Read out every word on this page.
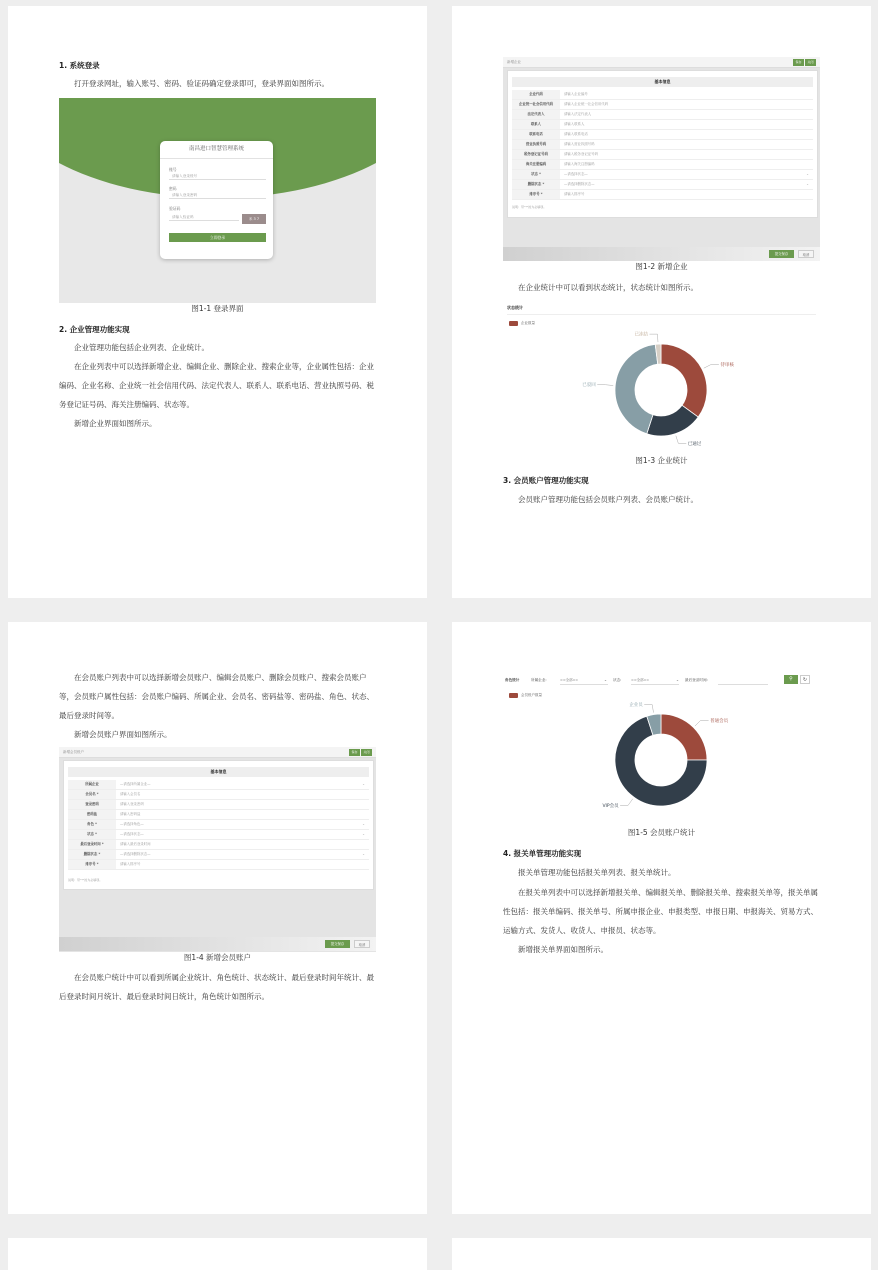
1. 系统登录

打开登录网址，输入账号、密码、验证码确定登录即可，登录界面如图所示。

南昌进口智慧管理系统
账号
请输入登录账号
密码
请输入登录密码
验证码
请输入验证码	米 3 7
立即登录
图1-1 登录界面
2. 企业管理功能实现

企业管理功能包括企业列表、企业统计。

在企业列表中可以选择新增企业、编辑企业、删除企业、搜索企业等，企业属性包括：企业编码、企业名称、企业统一社会信用代码、法定代表人、联系人、联系电话、营业执照号码、税务登记证号码、海关注册编码、状态等。

新增企业界面如图所示。

新增企业	保存	关闭
基本信息
企业代码	请输入企业编号
企业统一社会信用代码	请输入企业统一社会信用代码
法定代表人	请输入法定代表人
联系人	请输入联系人
联系电话	请输入联系电话
营业执照号码	请输入营业执照号码
税务登记证号码	请输入税务登记证号码
海关注册编码	请输入海关注册编码
状态 *	—请选择状态—	⌄
删除状态 *	—请选择删除状态—	⌄
排序号 *	请输入排序号
说明：带"*"的为必填项。
提交保存	取消
图1-2 新增企业

在企业统计中可以看到状态统计，状态统计如图所示。

状态统计
企业数量
待审核
已通过
已驳回
已冻结
图1-3 企业统计
3. 会员账户管理功能实现

会员账户管理功能包括会员账户列表、会员账户统计。

在会员账户列表中可以选择新增会员账户、编辑会员账户、删除会员账户、搜索会员账户等，会员账户属性包括：会员账户编码、所属企业、会员名、密码盐等、密码盐、角色、状态、最后登录时间等。

新增会员账户界面如图所示。

新增会员账户	保存	关闭
基本信息
所属企业	—请选择所属企业—	⌄
会员名 *	请输入会员名
登录密码	请输入登录密码
密码盐	请输入密码盐
角色 *	—请选择角色—	⌄
状态 *	—请选择状态—	⌄
最后登录时间 *	请输入最后登录时间
删除状态 *	—请选择删除状态—	⌄
排序号 *	请输入排序号
说明：带"*"的为必填项。
提交保存	取消
图1-4 新增会员账户

在会员账户统计中可以看到所属企业统计、角色统计、状态统计、最后登录时间年统计、最后登录时间月统计、最后登录时间日统计，角色统计如图所示。

角色统计	所属企业:	==全部==	⌄ 状态:	==全部==	⌄ 最后登录时间:	⚲	↻
会员账户数量
普通会员
VIP会员
企业员
图1-5 会员账户统计
4. 报关单管理功能实现

报关单管理功能包括报关单列表、报关单统计。

在报关单列表中可以选择新增报关单、编辑报关单、删除报关单、搜索报关单等，报关单属性包括：报关单编码、报关单号、所属申报企业、申报类型、申报日期、申报海关、贸易方式、运输方式、发货人、收货人、申报员、状态等。

新增报关单界面如图所示。
